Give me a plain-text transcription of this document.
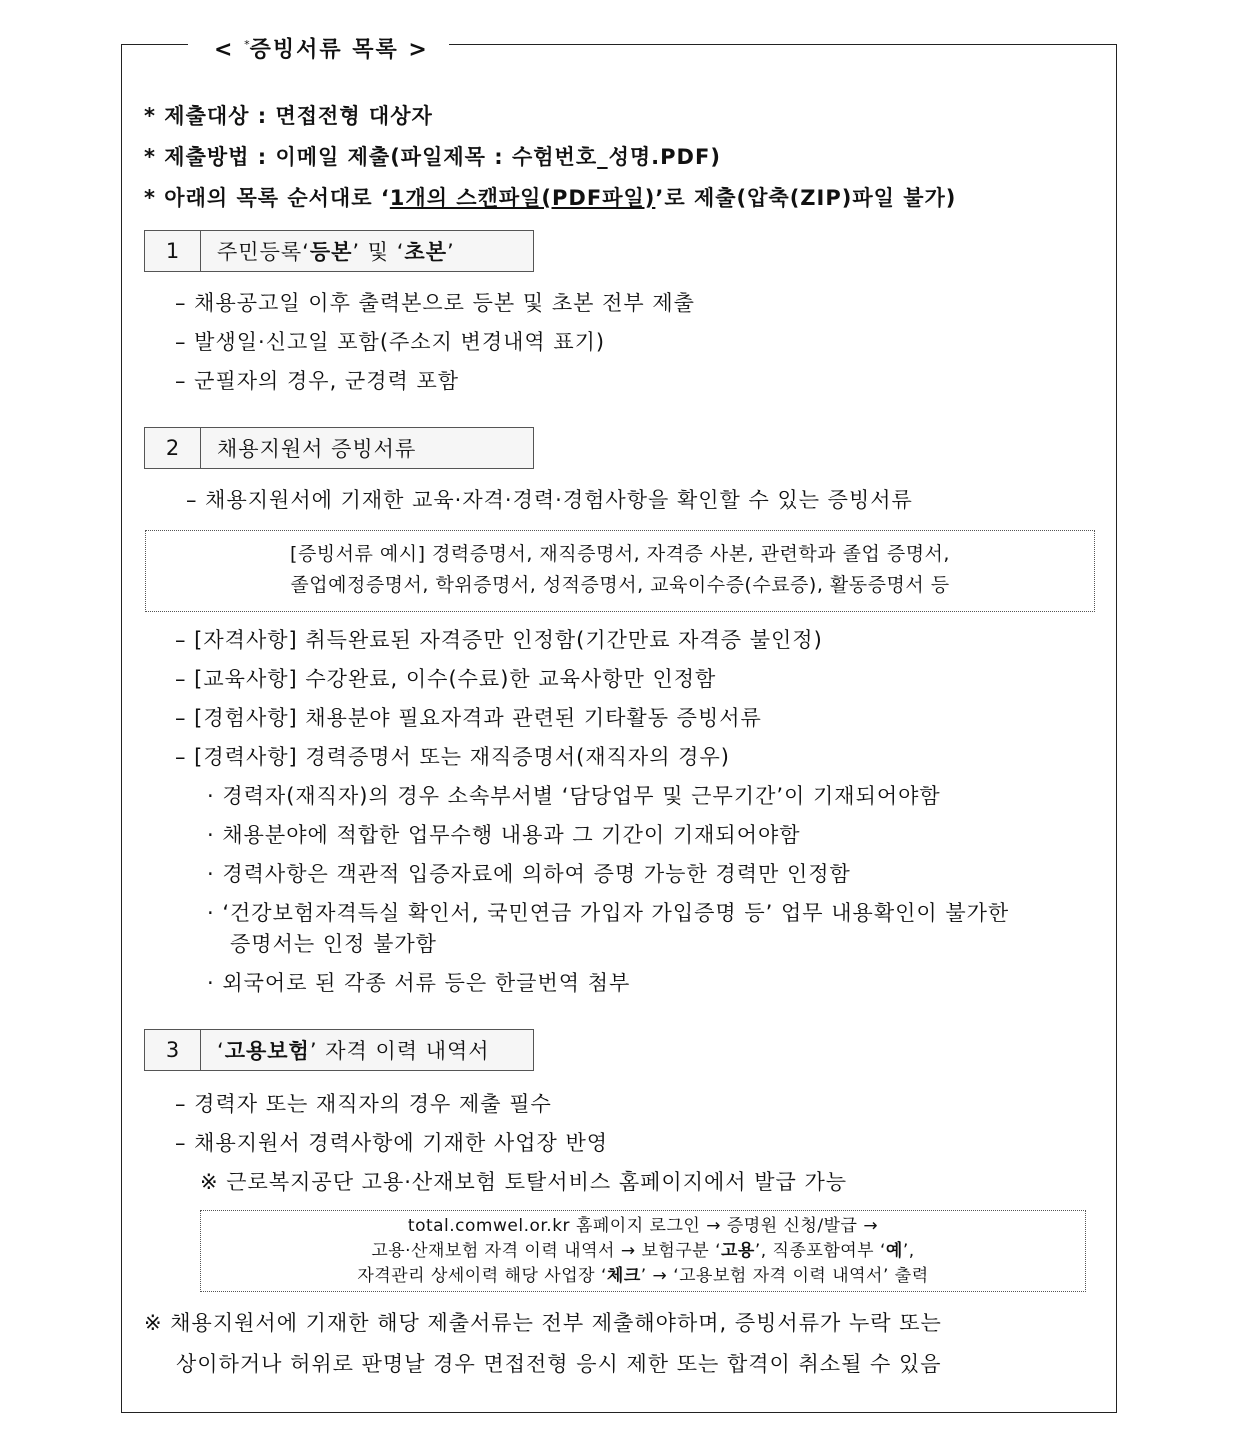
< *증빙서류 목록 >
* 제출대상 : 면접전형 대상자
* 제출방법 : 이메일 제출(파일제목 : 수험번호_성명.PDF)
* 아래의 목록 순서대로 ‘1개의 스캔파일(PDF파일)’로 제출(압축(ZIP)파일 불가)
1	주민등록‘등본’ 및 ‘초본’
– 채용공고일 이후 출력본으로 등본 및 초본 전부 제출
– 발생일·신고일 포함(주소지 변경내역 표기)
– 군필자의 경우, 군경력 포함
2	채용지원서 증빙서류
– 채용지원서에 기재한 교육·자격·경력·경험사항을 확인할 수 있는 증빙서류
[증빙서류 예시] 경력증명서, 재직증명서, 자격증 사본, 관련학과 졸업 증명서,
졸업예정증명서, 학위증명서, 성적증명서, 교육이수증(수료증), 활동증명서 등
– [자격사항] 취득완료된 자격증만 인정함(기간만료 자격증 불인정)
– [교육사항] 수강완료, 이수(수료)한 교육사항만 인정함
– [경험사항] 채용분야 필요자격과 관련된 기타활동 증빙서류
– [경력사항] 경력증명서 또는 재직증명서(재직자의 경우)
· 경력자(재직자)의 경우 소속부서별 ‘담당업무 및 근무기간’이 기재되어야함
· 채용분야에 적합한 업무수행 내용과 그 기간이 기재되어야함
· 경력사항은 객관적 입증자료에 의하여 증명 가능한 경력만 인정함
· ‘건강보험자격득실 확인서, 국민연금 가입자 가입증명 등’ 업무 내용확인이 불가한
증명서는 인정 불가함
· 외국어로 된 각종 서류 등은 한글번역 첨부
3	‘고용보험’ 자격 이력 내역서
– 경력자 또는 재직자의 경우 제출 필수
– 채용지원서 경력사항에 기재한 사업장 반영
※ 근로복지공단 고용·산재보험 토탈서비스 홈페이지에서 발급 가능
total.comwel.or.kr 홈페이지 로그인 → 증명원 신청/발급 →
고용·산재보험 자격 이력 내역서 → 보험구분 ‘고용’, 직종포함여부 ‘예’,
자격관리 상세이력 해당 사업장 ‘체크’ → ‘고용보험 자격 이력 내역서’ 출력
※ 채용지원서에 기재한 해당 제출서류는 전부 제출해야하며, 증빙서류가 누락 또는
상이하거나 허위로 판명날 경우 면접전형 응시 제한 또는 합격이 취소될 수 있음
